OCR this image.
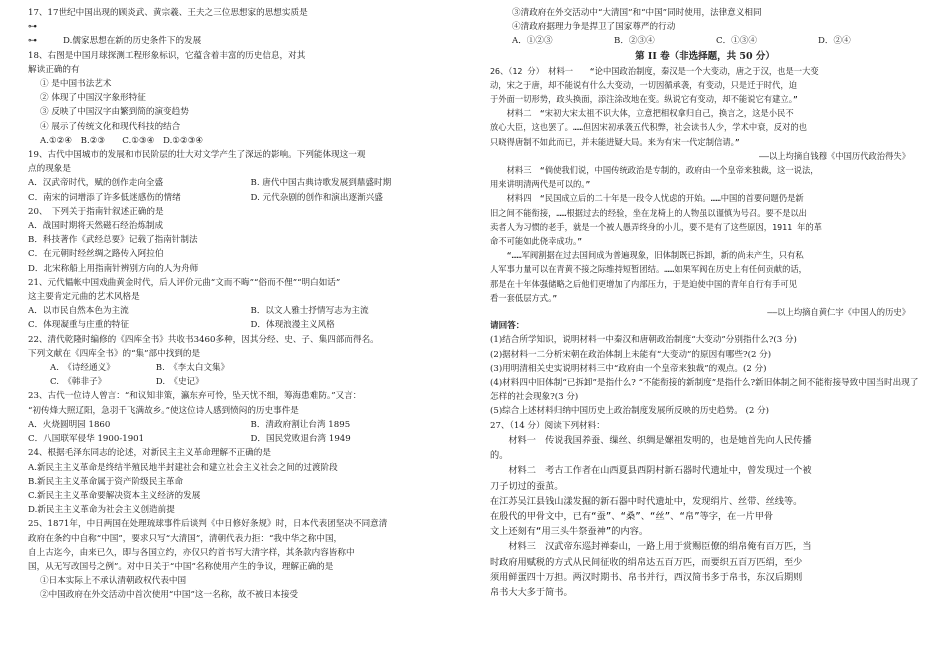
17、17世纪中国出现的顾炎武、黄宗羲、王夫之三位思想家的思想实质是
⊶
⊶	D.儒家思想在新的历史条件下的发展
18、右图是中国月球探测工程形象标识，它蕴含着丰富的历史信息，对其
解读正确的有
① 是中国书法艺术
② 体现了中国汉字象形特征
③ 反映了中国汉字由繁到简的演变趋势
④ 展示了传统文化和现代科技的结合
A.①②④　B.②③　　C.①③④　D.①②③④
19、古代中国城市的发展和市民阶层的壮大对文学产生了深远的影响。下列能体现这一观
点的现象是
A．汉武帝时代，赋的创作走向全盛	B. 唐代中国古典诗歌发展到鼎盛时期
C．南宋的词增添了许多低迷感伤的情绪	D. 元代杂剧的创作和演出逐渐兴盛
20、　下列关于指南针叙述正确的是
A．战国时期将天然磁石经治炼制成
B．科技著作《武经总要》记载了指南针制法
C．在元朝时经丝绸之路传入阿拉伯
D．北宋称船上用指南针辨别方向的人为舟师
21、元代韫帐中国戏曲黄金时代，后人评价元曲“文而不晦”“俗而不俚”“明白如话”
这主要肯定元曲的艺术风格是
A．以市民自然本色为主流	B．以文人雅士抒情写志为主流
C．体现凝重与庄重的特征	D．体现浪漫主义风格
22、清代乾隆时编修的《四库全书》共收书3460多种，因其分经、史、子、集四部而得名。
下列文献在《四库全书》的“集”部中找到的是
A.　《诗经通义》	B.　《李太白文集》
C.　《韩非子》	D.　《史记》
23、古代一位诗人曾言：“和议知非策，瀛东弃可怜，坠天忧不细，筹海患难防。”又言：
“初传烽大照辽阳，急羽千飞满故乡。”使这位诗人感到愤闷的历史事件是
A．火烧圆明园 1860	B．清政府割让台湾 1895
C．八国联军侵华 1900-1901	D．国民党败退台湾 1949
24、根据毛泽东同志的论述，对新民主主义革命理解不正确的是
A.新民主主义革命是终结半殖民地半封建社会和建立社会主义社会之间的过渡阶段
B.新民主主义革命属于资产阶级民主革命
C.新民主主义革命要解决资本主义经济的发展
D.新民主主义革命为社会主义创造前提
25、1871年，中日两国在处理琉球事件后谈判《中日修好条规》时，日本代表团坚决不同意清
政府在条约中自称“中国”，要求只写“大清国”，清朝代表力拒：“我中华之称中国，
自上古迄今，由来已久，即与各国立约，亦仅只约首书写大清字样，其条款内容皆称中
国，从无写改国号之例”。对中日关于“中国”名称使用产生的争议，理解正确的是
①日本实际上不承认清朝政权代表中国
②中国政府在外交活动中首次使用“中国”这一名称，故不被日本接受
③清政府在外交活动中“大清国”和“中国”同时使用，法律意义相同
④清政府据理力争是捍卫了国家尊严的行动
A．①②③	B．②③④	C．①③④	D．②④
第 II 卷（非选择题，共 50 分）
26、（12 分）　材料一　　“论中国政治制度，秦汉是一个大变动，唐之于汉，也是一大变
动，宋之于唐，却不能说有什么大变动，一切因循承袭，有变动，只是迁于时代，迫
于外面一切形势，政头换面，添注涂改地在变。纵说它有变动，却不能说它有建立。”
　　材料二　“宋初大宋太祖不识大体，立意把相权拿归自己，换言之，这是小民不
放心大臣，这也罢了。……但因宋初承袭五代积弊，社会读书人少，学术中衰，反对的也
只晓得唐制不如此而已，并未能进疑大局。来为有宋一代定制信请。”
——以上均摘自钱穆《中国历代政治得失》
　　材料三　“倘使我们说，中国传统政治是专制的，政府由一个皇帝来独裁，这一说法，
用来讲明清两代是可以的。”
　　材料四　“民国成立后的二十年是一段令人忧虑的开始。……中国的首要问题仍是新
旧之间不能衔接，……根据过去的经验，坐在龙椅上的人物虽以谨慎为号召。要不是以出
卖者人为习惯的老手，就是一个被人愚弄终身的小儿，要不是有了这些原因，1911 年的革
命不可能如此侥幸成功。”
　　“……军阀割据在过去国间成为普遍现象，旧体制既已拆卸，新的尚未产生，只有私
人军事力量可以在青黄不接之际维持短暂团结。……如果军阀在历史上有任何贡献的话，
那是在十年体强储略之后他们更增加了内部压力，于是迫使中国的青年自行有手可见
看一套低层方式。”
——以上均摘自黄仁宇《中国人的历史》
请回答：
(1)结合所学知识，说明材料一中秦汉和唐朝政治制度“大变动”分别指什么?(3 分)
(2)据材料一二分析宋朝在政治体制上未能有“大变动”的原因有哪些?(2 分)
(3)用明清相关史实说明材料三中“政府由一个皇帝来独裁”的观点。(2 分)
(4)材料四中旧体制“已拆卸”是指什么? “不能衔接的新制度”是指什么?新旧体制之间不能衔接导致中国当时出现了怎样的社会现象?(3 分)
(5)综合上述材料归纳中国历史上政治制度发展所反映的历史趋势。 (2 分)
27、（14 分）阅读下列材料：
　　材料一　传说我国养蚕、缫丝、织绸是嫘祖发明的，也是她首先向人民传播
的。
　　材料二　考古工作者在山西夏县西阴村新石器时代遗址中，曾发现过一个被
刀子切过的蚕茧。
在江苏吴江县钱山漾发掘的新石器中时代遗址中，发现绢片、丝带、丝线等。
在殷代的甲骨文中，已有“蚕”、“桑”、“丝”、“帛”等字，在一片甲骨
文上还刻有“用三头牛祭蚕神”的内容。
　　材料三　汉武帝东巡封禅泰山，一路上用于赏赐臣僚的绢帛俺有百万匹，当
时政府用赋税的方式从民间征收的绢帛达五百万匹，而要织五百万匹绢，至少
须用鲜蛋四十万担。两汉时期书、帛书并行，西汉简书多于帛书，东汉后期则
帛书大大多于简书。
